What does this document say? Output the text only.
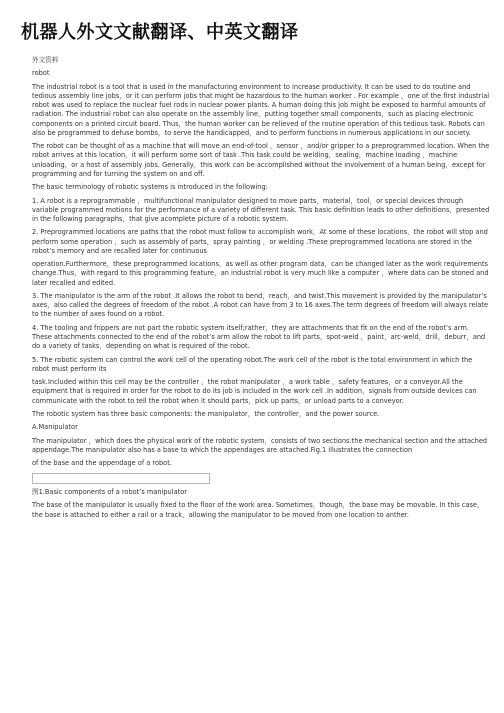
机器人外文文献翻译、中英文翻译

外文资料

robot

The industrial robot is a tool that is used in the manufacturing environment to increase productivity. It can be used to do routine and tedious assembly line jobs，or it can perform jobs that might be hazardous to the human worker . For example ，one of the first industrial robot was used to replace the nuclear fuel rods in nuclear power plants. A human doing this job might be exposed to harmful amounts of radiation. The industrial robot can also operate on the assembly line，putting together small components，such as placing electronic components on a printed circuit board. Thus，the human worker can be relieved of the routine operation of this tedious task. Robots can also be programmed to defuse bombs，to serve the handicapped，and to perform functions in numerous applications in our society.

The robot can be thought of as a machine that will move an end-of-tool ，sensor ，and/or gripper to a preprogrammed location. When the robot arrives at this location，it will perform some sort of task .This task could be welding，sealing，machine loading ，machine unloading，or a host of assembly jobs. Generally，this work can be accomplished without the involvement of a human being，except for programming and for turning the system on and off.

The basic terminology of robotic systems is introduced in the following:

1. A robot is a reprogrammable ，multifunctional manipulator designed to move parts，material，tool，or special devices through variable programmed motions for the performance of a variety of different task. This basic definition leads to other definitions，presented in the following paragraphs，that give acomplete picture of a robotic system.

2. Preprogrammed locations are paths that the robot must follow to accomplish work，At some of these locations，the robot will stop and perform some operation ，such as assembly of parts，spray painting ，or welding .These preprogrammed locations are stored in the robot’s memory and are recalled later for continuous

operation.Furthermore，these preprogrammed locations，as well as other program data，can be changed later as the work requirements change.Thus，with regard to this programming feature，an industrial robot is very much like a computer ，where data can be stoned and later recalled and edited.

3. The manipulator is the arm of the robot .It allows the robot to bend，reach，and twist.This movement is provided by the manipulator’s axes，also called the degrees of freedom of the robot .A robot can have from 3 to 16 axes.The term degrees of freedom will always relate to the number of axes found on a robot.

4. The tooling and frippers are not part the robotic system itself;rather，they are attachments that fit on the end of the robot’s arm. These attachments connected to the end of the robot’s arm allow the robot to lift parts，spot-weld ，paint，arc-weld，drill，deburr，and do a variety of tasks，depending on what is required of the robot.

5. The robotic system can control the work cell of the operating robot.The work cell of the robot is the total environment in which the robot must perform its

task.Included within this cell may be the controller ，the robot manipulator ，a work table ，safety features，or a conveyor.All the equipment that is required in order for the robot to do its job is included in the work cell .In addition，signals from outside devices can communicate with the robot to tell the robot when it should parts，pick up parts，or unload parts to a conveyor.

The robotic system has three basic components: the manipulator，the controller，and the power source.

A.Manipulator

The manipulator ，which does the physical work of the robotic system，consists of two sections:the mechanical section and the attached appendage.The manipulator also has a base to which the appendages are attached.Fig.1 illustrates the connection

of the base and the appendage of a robot.

图1.Basic components of a robot’s manipulator

The base of the manipulator is usually fixed to the floor of the work area. Sometimes，though，the base may be movable. In this case，the base is attached to either a rail or a track，allowing the manipulator to be moved from one location to anther.
